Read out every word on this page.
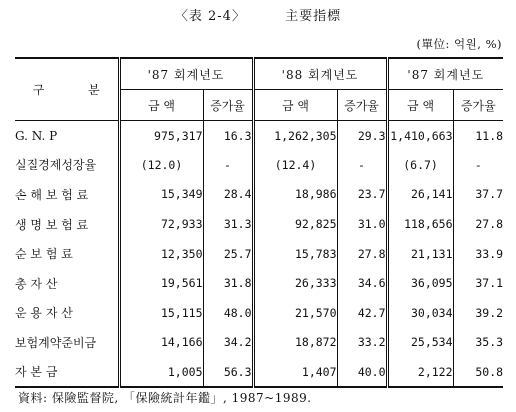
〈表 2-4〉	主要指標
(單位: 억원, %)
구 분	'87 회계년도		'88 회계년도		'87 회계년도	
	금 액	증가율	금 액	증가율	금 액	증가율
G. N. P	975,317	16.3	1,262,305	29.3	1,410,663	11.8
실질경제성장율	(12.0)	-	(12.4)	-	(6.7)	-
손 해 보 험 료	15,349	28.4	18,986	23.7	26,141	37.7
생 명 보 험 료	72,933	31.3	92,825	31.0	118,656	27.8
순 보 험 료	12,350	25.7	15,783	27.8	21,131	33.9
총 자 산	19,561	31.8	26,333	34.6	36,095	37.1
운 용 자 산	15,115	48.0	21,570	42.7	30,034	39.2
보험계약준비금	14,166	34.2	18,872	33.2	25,534	35.3
자 본 금	1,005	56.3	1,407	40.0	2,122	50.8
資料: 保險監督院, 「保險統計年鑑」, 1987~1989.
